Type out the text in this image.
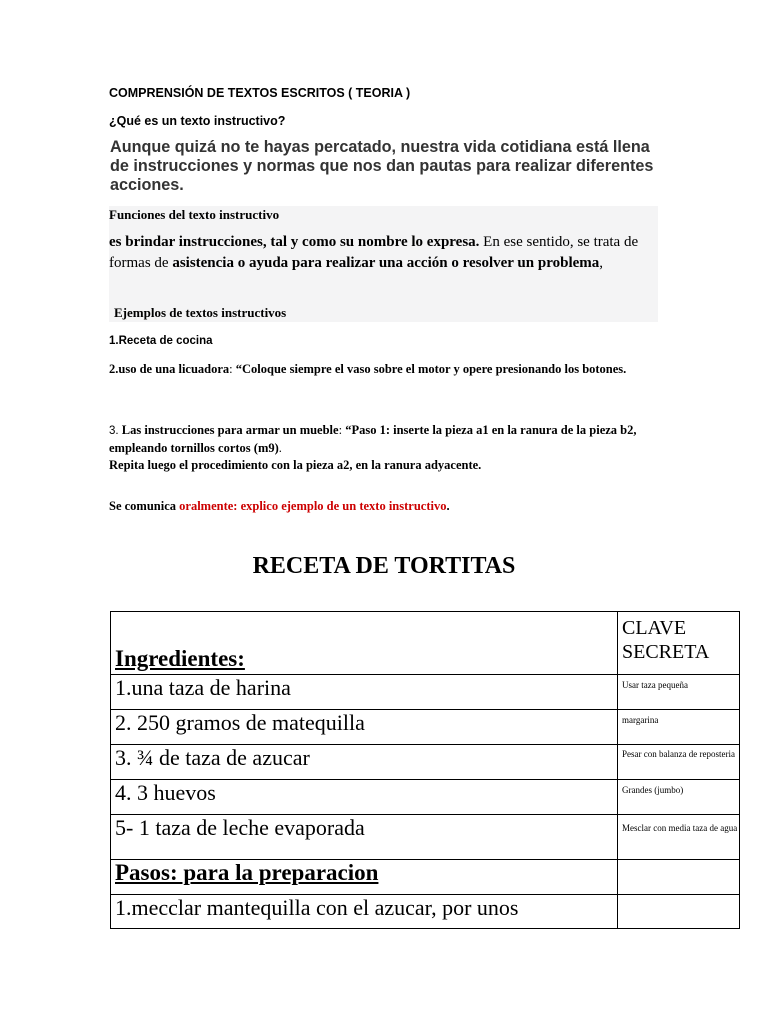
COMPRENSIÓN DE TEXTOS ESCRITOS ( TEORIA )
¿Qué es un texto instructivo?
Aunque quizá no te hayas percatado, nuestra vida cotidiana está llena de instrucciones y normas que nos dan pautas para realizar diferentes acciones.
Funciones del texto instructivo
es brindar instrucciones, tal y como su nombre lo expresa. En ese sentido, se trata de formas de asistencia o ayuda para realizar una acción o resolver un problema,
Ejemplos de textos instructivos
1.Receta de cocina
2.uso de una licuadora: “Coloque siempre el vaso sobre el motor y opere presionando los botones.
3. Las instrucciones para armar un mueble: “Paso 1: inserte la pieza a1 en la ranura de la pieza b2, empleando tornillos cortos (m9).
Repita luego el procedimiento con la pieza a2, en la ranura adyacente.
Se comunica oralmente: explico ejemplo de un texto instructivo.
RECETA DE TORTITAS
Ingredientes:	CLAVE SECRETA
1.una taza de harina	Usar taza pequeña
2. 250 gramos de matequilla	margarina
3. ¾ de taza de azucar	Pesar con balanza de reposteria
4. 3 huevos	Grandes (jumbo)
5- 1 taza de leche evaporada	Mesclar con media taza de agua
Pasos: para la preparacion	
1.mecclar mantequilla con el azucar, por unos	
